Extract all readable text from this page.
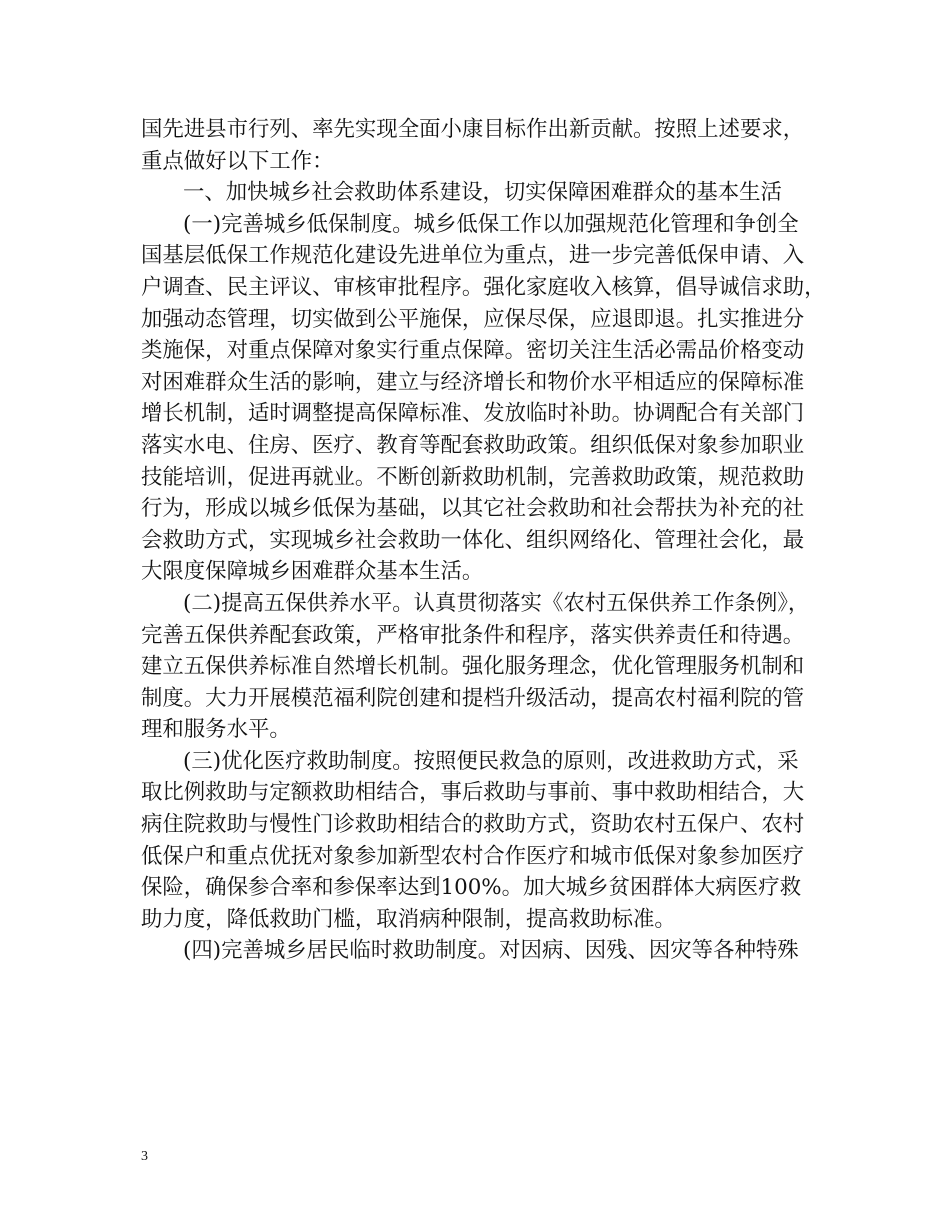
国先进县市行列、率先实现全面小康目标作出新贡献。按照上述要求，
重点做好以下工作：
一、加快城乡社会救助体系建设，切实保障困难群众的基本生活
(一)完善城乡低保制度。城乡低保工作以加强规范化管理和争创全
国基层低保工作规范化建设先进单位为重点，进一步完善低保申请、入
户调查、民主评议、审核审批程序。强化家庭收入核算，倡导诚信求助，
加强动态管理，切实做到公平施保，应保尽保，应退即退。扎实推进分
类施保，对重点保障对象实行重点保障。密切关注生活必需品价格变动
对困难群众生活的影响，建立与经济增长和物价水平相适应的保障标准
增长机制，适时调整提高保障标准、发放临时补助。协调配合有关部门
落实水电、住房、医疗、教育等配套救助政策。组织低保对象参加职业
技能培训，促进再就业。不断创新救助机制，完善救助政策，规范救助
行为，形成以城乡低保为基础，以其它社会救助和社会帮扶为补充的社
会救助方式，实现城乡社会救助一体化、组织网络化、管理社会化，最
大限度保障城乡困难群众基本生活。
(二)提高五保供养水平。认真贯彻落实《农村五保供养工作条例》，
完善五保供养配套政策，严格审批条件和程序，落实供养责任和待遇。
建立五保供养标准自然增长机制。强化服务理念，优化管理服务机制和
制度。大力开展模范福利院创建和提档升级活动，提高农村福利院的管
理和服务水平。
(三)优化医疗救助制度。按照便民救急的原则，改进救助方式，采
取比例救助与定额救助相结合，事后救助与事前、事中救助相结合，大
病住院救助与慢性门诊救助相结合的救助方式，资助农村五保户、农村
低保户和重点优抚对象参加新型农村合作医疗和城市低保对象参加医疗
保险，确保参合率和参保率达到100%。加大城乡贫困群体大病医疗救
助力度，降低救助门槛，取消病种限制，提高救助标准。
(四)完善城乡居民临时救助制度。对因病、因残、因灾等各种特殊
3
